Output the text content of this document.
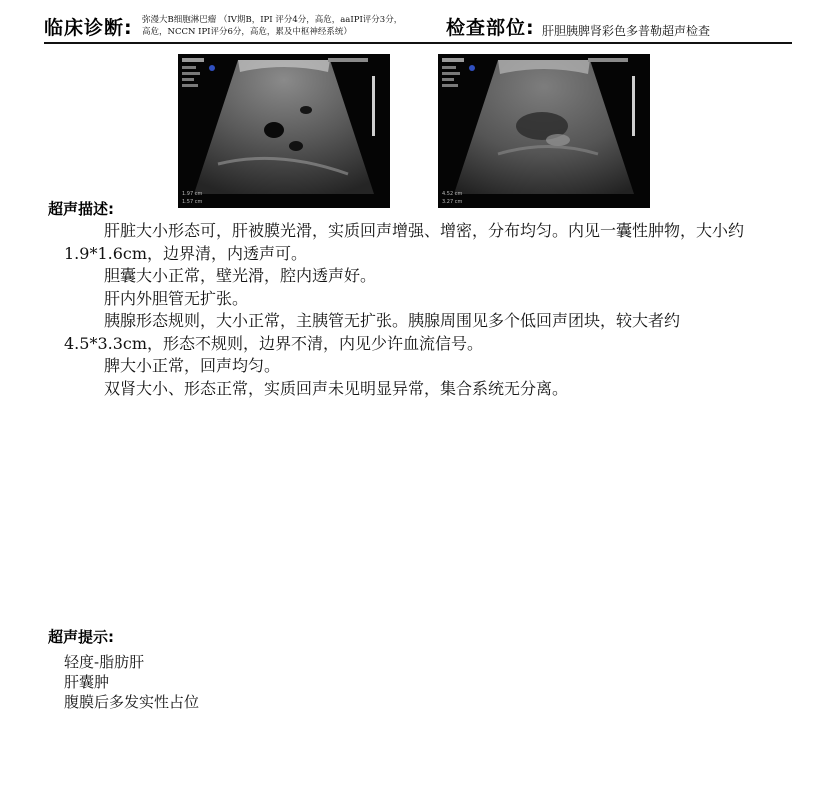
临床诊断: 弥漫大B细胞淋巴瘤 （IV期B，IPI 评分4分，高危，aaIPI评分3分，
高危，NCCN IPI评分6分，高危，累及中枢神经系统）	检查部位: 肝胆胰脾肾彩色多普勒超声检查
1.97 cm
1.57 cm
4.52 cm
3.27 cm
超声描述:

肝脏大小形态可，肝被膜光滑，实质回声增强、增密，分布均匀。内见一囊性肿物，大小约1.9*1.6cm，边界清，内透声可。

胆囊大小正常，壁光滑，腔内透声好。

肝内外胆管无扩张。

胰腺形态规则，大小正常，主胰管无扩张。胰腺周围见多个低回声团块，较大者约4.5*3.3cm，形态不规则，边界不清，内见少许血流信号。

脾大小正常，回声均匀。

双肾大小、形态正常，实质回声未见明显异常，集合系统无分离。

超声提示:
轻度-脂肪肝
肝囊肿
腹膜后多发实性占位
